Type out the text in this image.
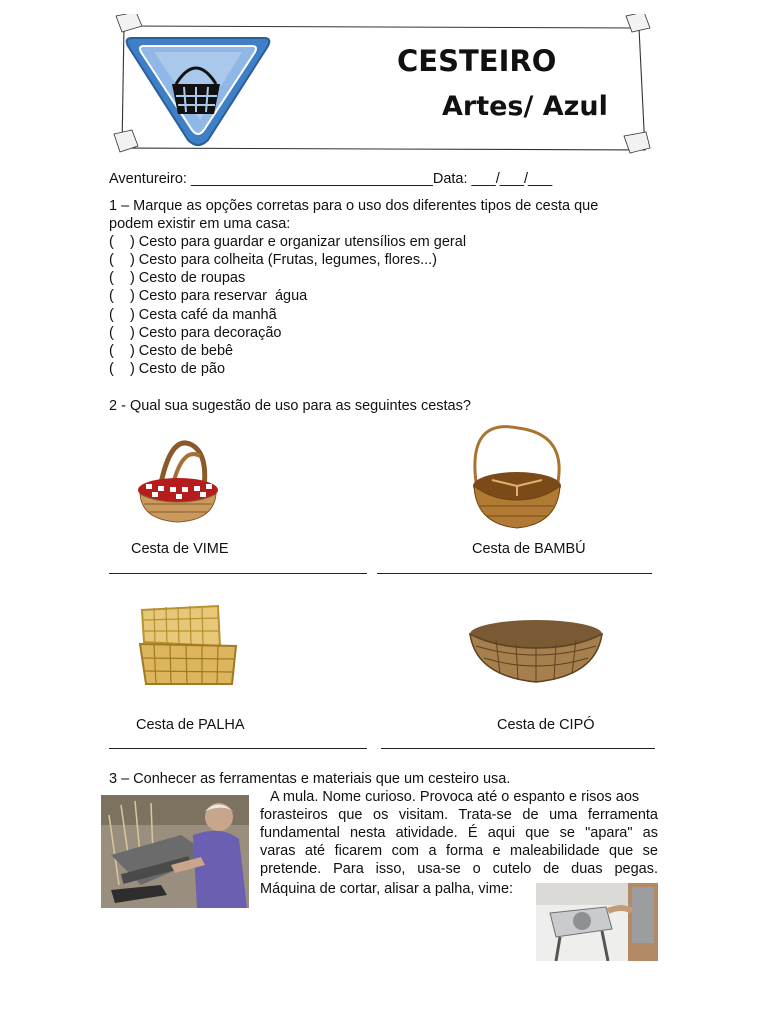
CESTEIRO
Artes/ Azul
Aventureiro: ______________________________Data: ___/___/___
1 – Marque as opções corretas para o uso dos diferentes tipos de cesta que
podem existir em uma casa:
(    ) Cesto para guardar e organizar utensílios em geral
(    ) Cesto para colheita (Frutas, legumes, flores...)
(    ) Cesto de roupas
(    ) Cesto para reservar  água
(    ) Cesta café da manhã
(    ) Cesto para decoração
(    ) Cesto de bebê
(    ) Cesto de pão
2 - Qual sua sugestão de uso para as seguintes cestas?
Cesta de VIME	Cesta de BAMBÚ
Cesta de PALHA	Cesta de CIPÓ
3 – Conhecer as ferramentas e materiais que um cesteiro usa.
A mula. Nome curioso. Provoca até o espanto e risos aos
forasteiros que os visitam. Trata-se de uma ferramenta
fundamental nesta atividade. É aqui que se "apara" as
varas até ficarem com a forma e maleabilidade que se
pretende. Para isso, usa-se o cutelo de duas pegas.
Máquina de cortar, alisar a palha, vime:
